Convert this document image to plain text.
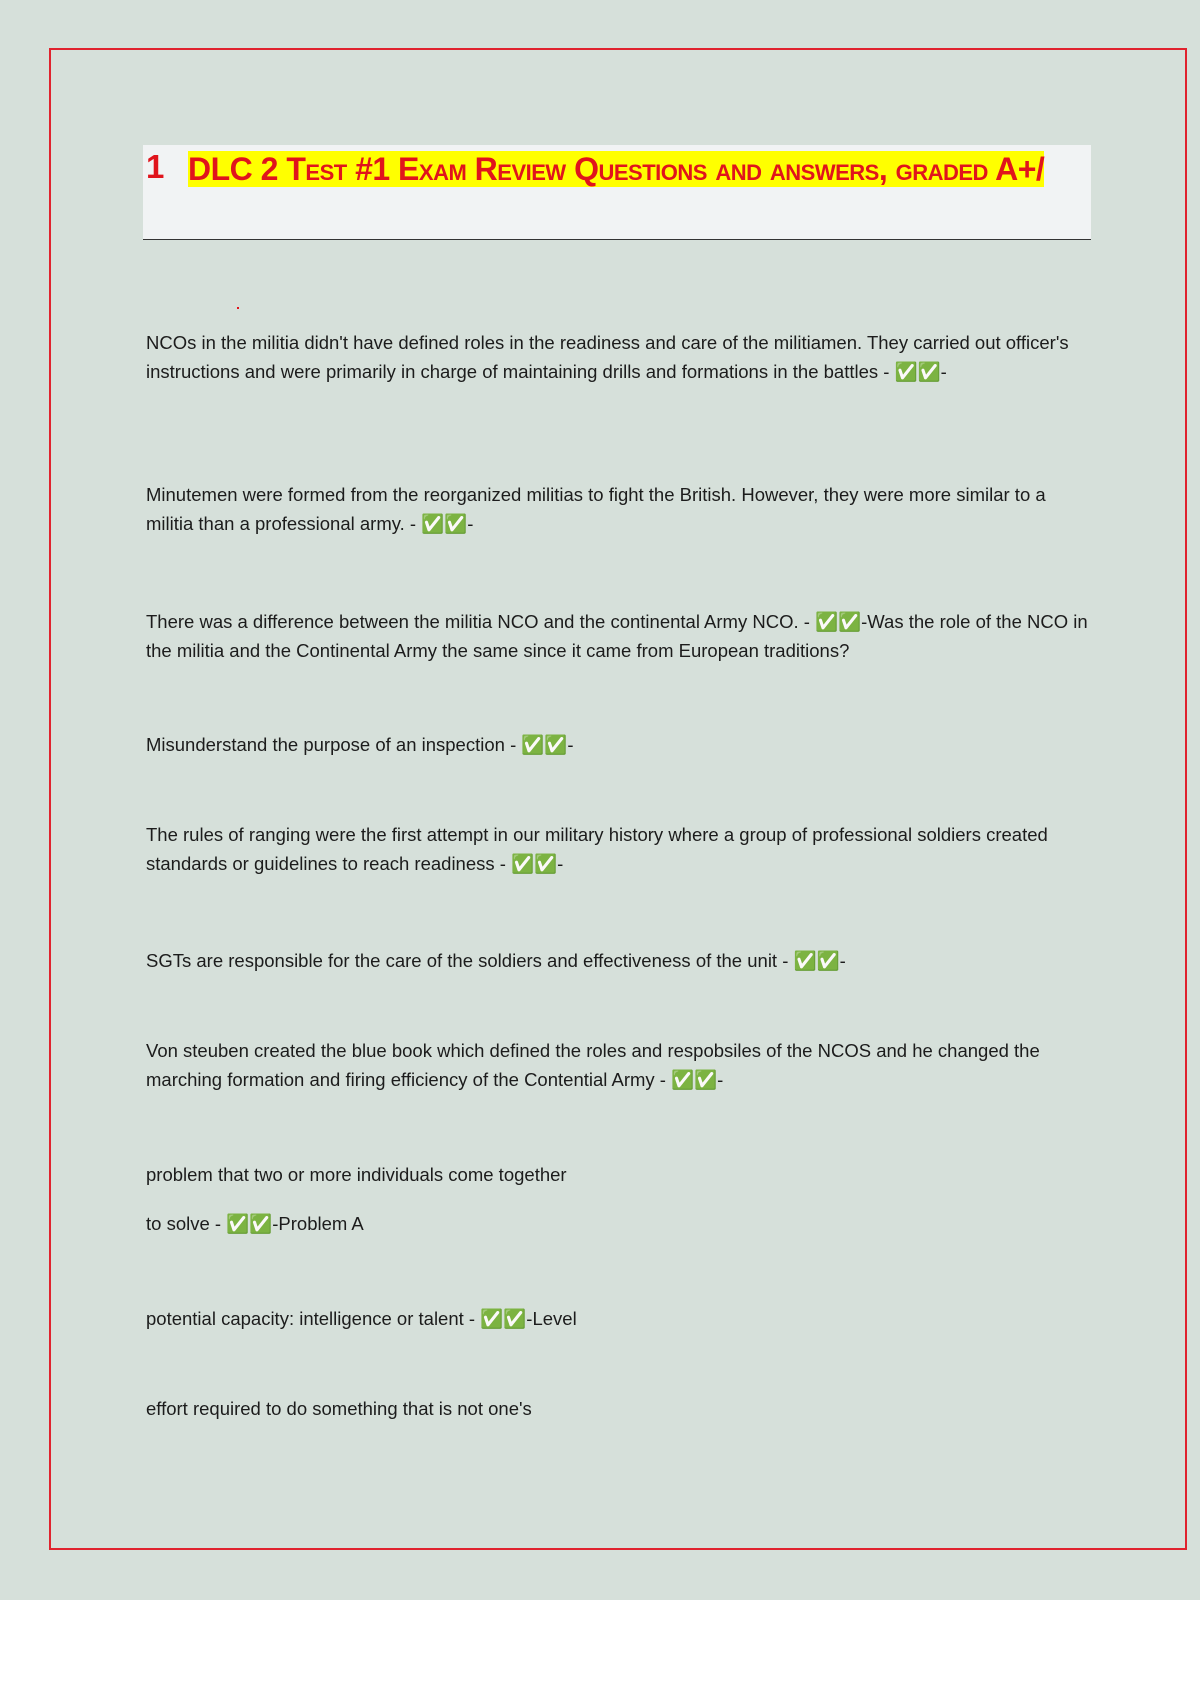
1 DLC 2 Test #1 Exam Review Questions and answers, graded A+/
NCOs in the militia didn't have defined roles in the readiness and care of the militiamen. They carried out officer's instructions and were primarily in charge of maintaining drills and formations in the battles - ✅✅-
Minutemen were formed from the reorganized militias to fight the British. However, they were more similar to a militia than a professional army. - ✅✅-
There was a difference between the militia NCO and the continental Army NCO. - ✅✅-Was the role of the NCO in the militia and the Continental Army the same since it came from European traditions?
Misunderstand the purpose of an inspection - ✅✅-
The rules of ranging were the first attempt in our military history where a group of professional soldiers created standards or guidelines to reach readiness - ✅✅-
SGTs are responsible for the care of the soldiers and effectiveness of the unit - ✅✅-
Von steuben created the blue book which defined the roles and respobsiles of the NCOS and he changed the marching formation and firing efficiency of the Contential Army - ✅✅-
problem that two or more individuals come together
to solve - ✅✅-Problem A
potential capacity: intelligence or talent - ✅✅-Level
effort required to do something that is not one's
